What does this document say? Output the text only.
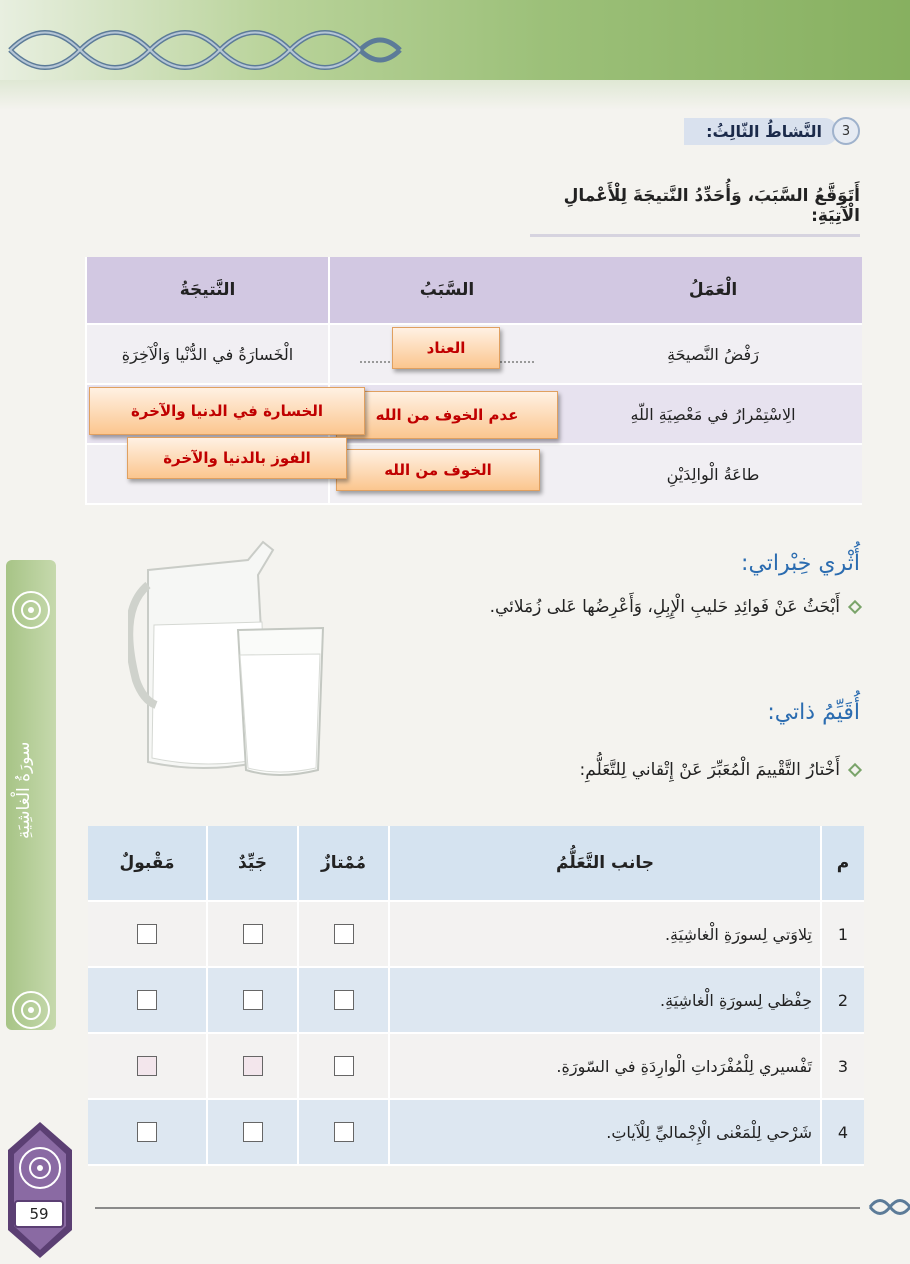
3
النَّشاطُ الثّالِثُ:
أَتَوَقَّعُ السَّبَبَ، وَأُحَدِّدُ النَّتيجَةَ لِلْأَعْمالِ الْآتِيَةِ:
الْعَمَلُ
السَّبَبُ
النَّتيجَةُ
رَفْضُ النَّصيحَةِ
العناد
الْخَسارَةُ في الدُّنْيا وَالْآخِرَةِ
الِاسْتِمْرارُ في مَعْصِيَةِ اللّهِ
عدم الخوف من الله
الخسارة في الدنيا والآخرة
طاعَةُ الْوالِدَيْنِ
الخوف من الله
الفوز بالدنيا والآخرة
أُثْري خِبْراتي:
أَبْحَثُ عَنْ فَوائِدِ حَليبِ الْإِبِلِ، وَأَعْرِضُها عَلى زُمَلائي.
أُقَيِّمُ ذاتي:
أَخْتارُ التَّقْييمَ الْمُعَبِّرَ عَنْ إِتْقاني لِلتَّعَلُّمِ:
سورَةُ الْغاشِيَةِ
م
جانب التَّعَلُّمُ
مُمْتازٌ
جَيِّدٌ
مَقْبولٌ
1
تِلاوَتي لِسورَةِ الْغاشِيَةِ.
2
حِفْظي لِسورَةِ الْغاشِيَةِ.
3
تَفْسيري لِلْمُفْرَداتِ الْوارِدَةِ في السّورَةِ.
4
شَرْحي لِلْمَعْنى الْإِجْماليِّ لِلْآياتِ.
59
